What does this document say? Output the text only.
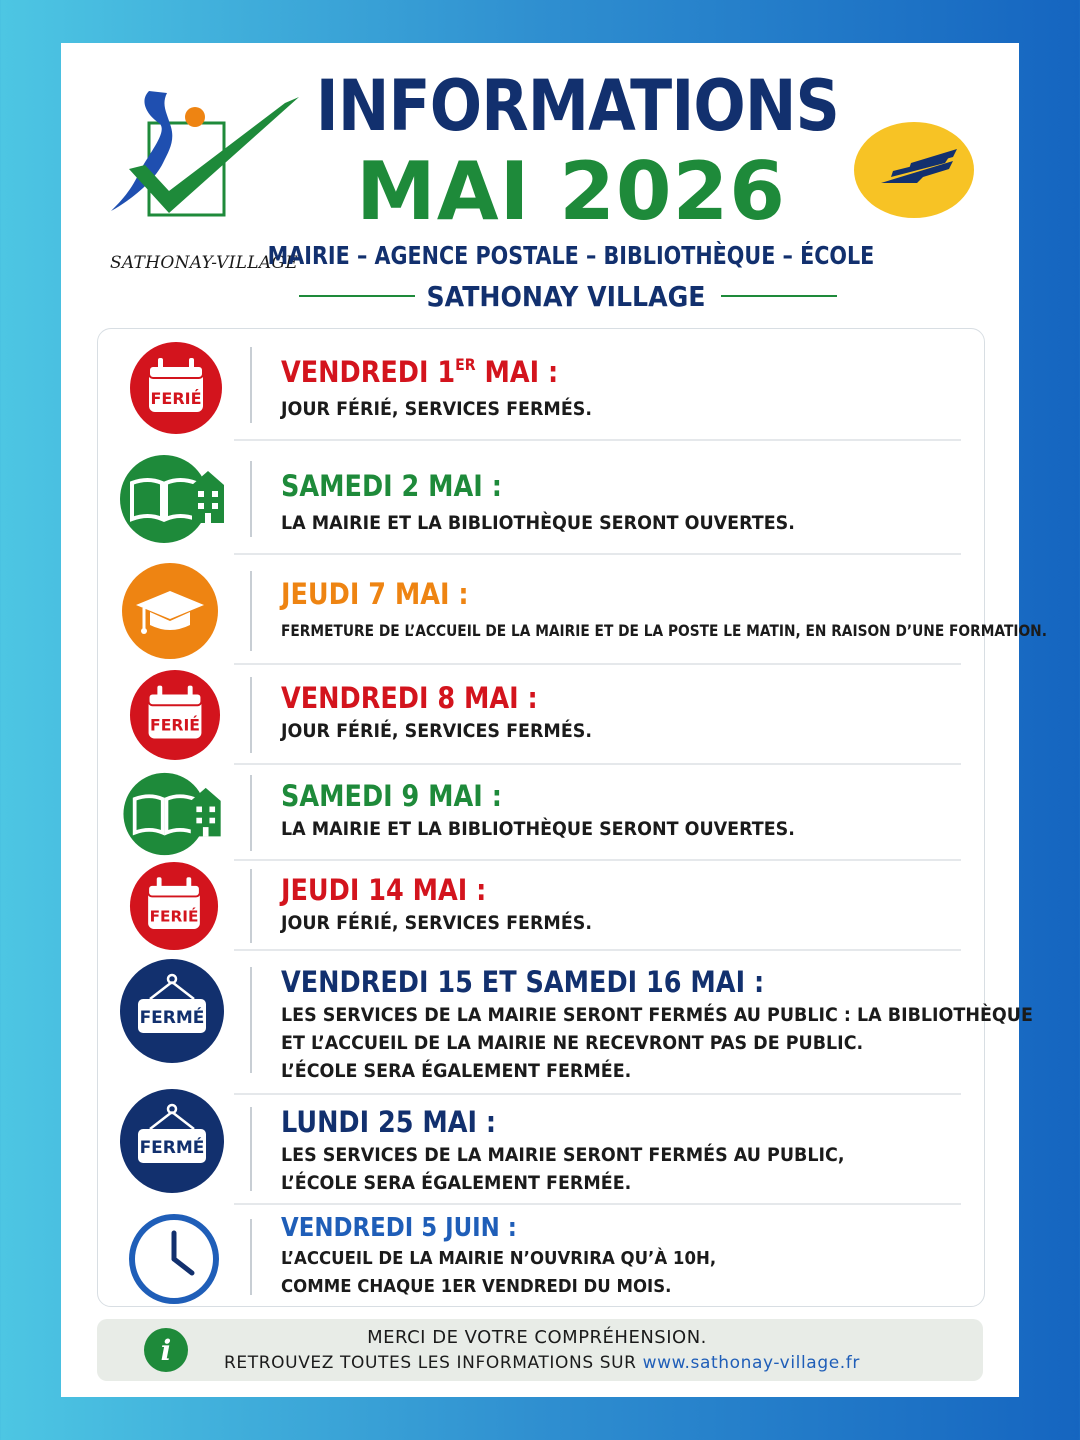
SATHONAY-VILLAGE
INFORMATIONS
MAI 2026
MAIRIE – AGENCE POSTALE – BIBLIOTHÈQUE – ÉCOLE
SATHONAY VILLAGE
FERIÉ
VENDREDI 1ER MAI :
JOUR FÉRIÉ, SERVICES FERMÉS.
SAMEDI 2 MAI :
LA MAIRIE ET LA BIBLIOTHÈQUE SERONT OUVERTES.
JEUDI 7 MAI :
FERMETURE DE L’ACCUEIL DE LA MAIRIE ET DE LA POSTE LE MATIN, EN RAISON D’UNE FORMATION.
FERIÉ
VENDREDI 8 MAI :
JOUR FÉRIÉ, SERVICES FERMÉS.
SAMEDI 9 MAI :
LA MAIRIE ET LA BIBLIOTHÈQUE SERONT OUVERTES.
FERIÉ
JEUDI 14 MAI :
JOUR FÉRIÉ, SERVICES FERMÉS.
FERMÉ
VENDREDI 15 ET SAMEDI 16 MAI :
LES SERVICES DE LA MAIRIE SERONT FERMÉS AU PUBLIC : LA BIBLIOTHÈQUE
ET L’ACCUEIL DE LA MAIRIE NE RECEVRONT PAS DE PUBLIC.
L’ÉCOLE SERA ÉGALEMENT FERMÉE.
FERMÉ
LUNDI 25 MAI :
LES SERVICES DE LA MAIRIE SERONT FERMÉS AU PUBLIC,
L’ÉCOLE SERA ÉGALEMENT FERMÉE.
VENDREDI 5 JUIN :
L’ACCUEIL DE LA MAIRIE N’OUVRIRA QU’À 10H,
COMME CHAQUE 1ER VENDREDI DU MOIS.
i	MERCI DE VOTRE COMPRÉHENSION.
RETROUVEZ TOUTES LES INFORMATIONS SUR www.sathonay-village.fr
